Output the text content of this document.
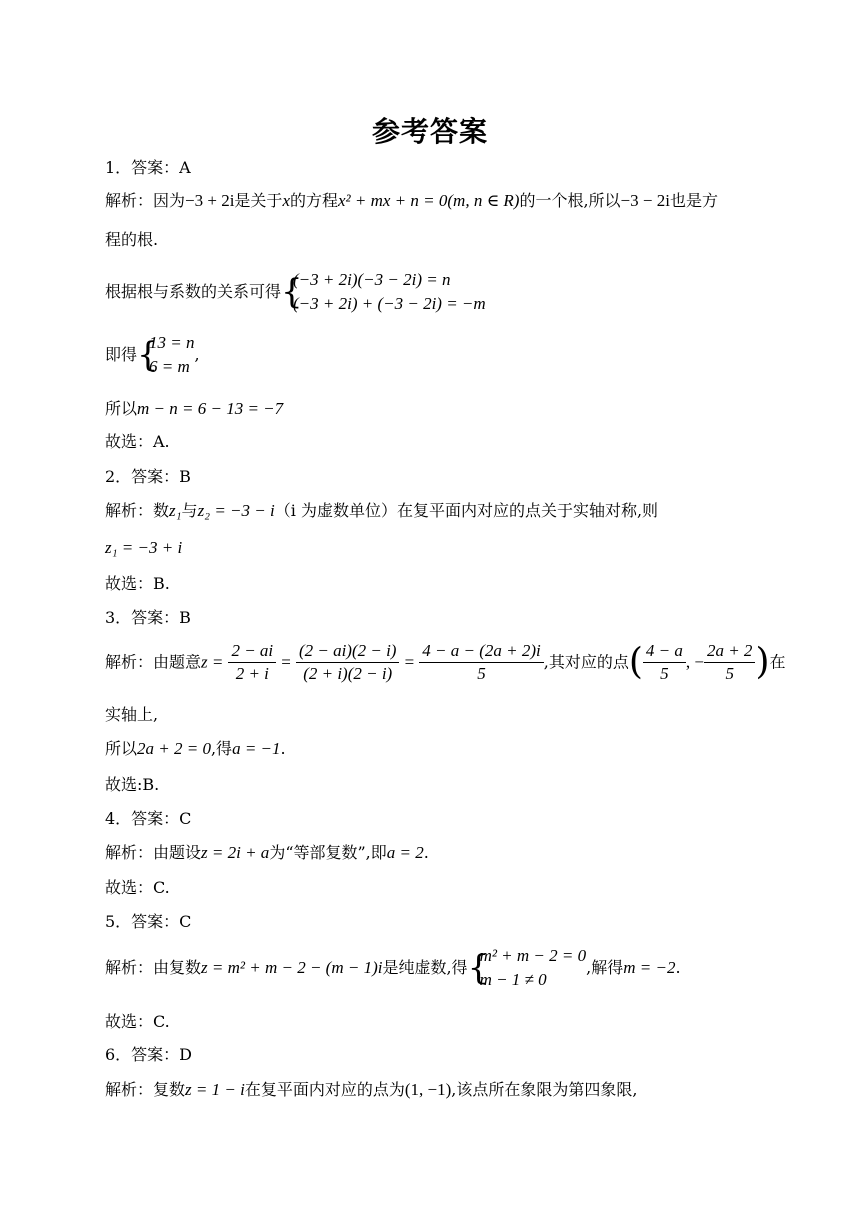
参考答案
1．答案：A
解析：因为−3 + 2i是关于x的方程x² + mx + n = 0(m, n ∈ R)的一个根,所以−3 − 2i也是方
程的根.
根据根与系数的关系可得 {
(−3 + 2i)(−3 − 2i) = n
(−3 + 2i) + (−3 − 2i) = −m
即得 {
13 = n
6 = m
,
所以m − n = 6 − 13 = −7
故选：A.
2．答案：B
解析：数z₁与z₂ = −3 − i（i 为虚数单位）在复平面内对应的点关于实轴对称,则
z₁ = −3 + i
故选：B.
3．答案：B
解析：由题意$z = \frac{2 - ai}{2 + i} = \frac{(2 - ai)(2 - i)}{(2 + i)(2 - i)} = \frac{4 - a - (2a + 2)i}{5}$ ,其对应的点( $\frac{4 - a}{5}$ , − $\frac{2a + 2}{5}$ )在
实轴上,
所以2a + 2 = 0,得a = −1.
故选:B.
4．答案：C
解析：由题设z = 2i + a为“等部复数”,即a = 2.
故选：C.
5．答案：C
解析：由复数z = m² + m − 2 − (m − 1)i是纯虚数,得 {
m² + m − 2 = 0
m − 1 ≠ 0
,解得m = −2.
故选：C.
6．答案：D
解析：复数z = 1 − i在复平面内对应的点为(1, −1),该点所在象限为第四象限,
